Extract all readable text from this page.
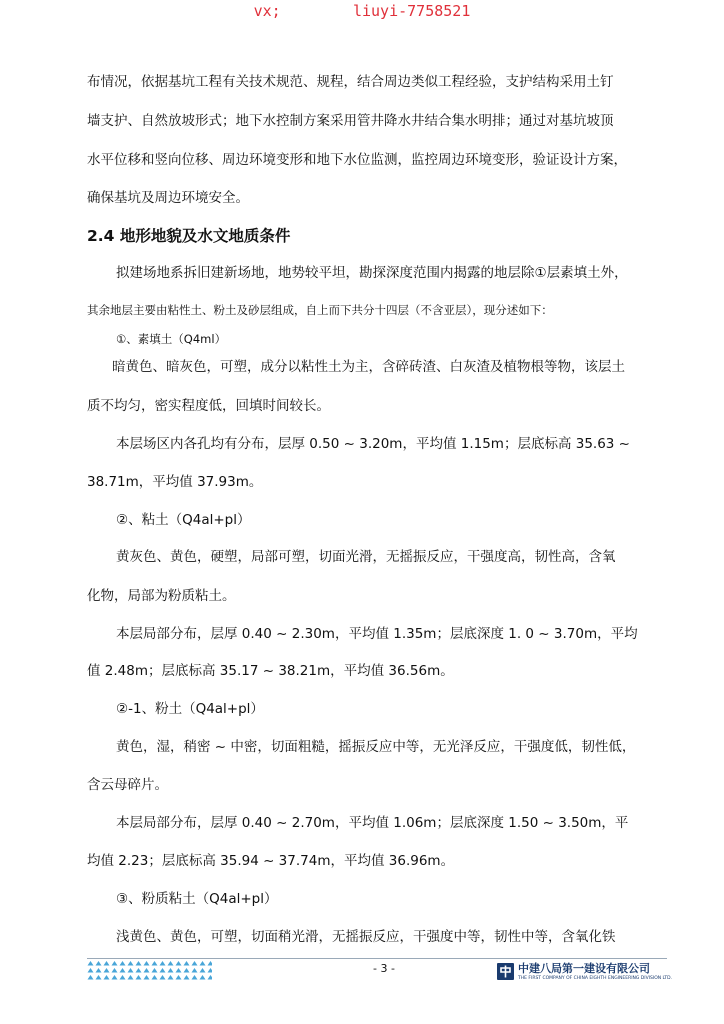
vx;        liuyi-7758521
布情况，依据基坑工程有关技术规范、规程，结合周边类似工程经验，支护结构采用土钉
墙支护、自然放坡形式；地下水控制方案采用管井降水井结合集水明排；通过对基坑坡顶
水平位移和竖向位移、周边环境变形和地下水位监测，监控周边环境变形，验证设计方案，
确保基坑及周边环境安全。
2.4 地形地貌及水文地质条件
拟建场地系拆旧建新场地，地势较平坦，勘探深度范围内揭露的地层除①层素填土外，
其余地层主要由粘性土、粉土及砂层组成，自上而下共分十四层（不含亚层），现分述如下：
①、素填土（Q4ml）
暗黄色、暗灰色，可塑，成分以粘性土为主，含碎砖渣、白灰渣及植物根等物，该层土
质不均匀，密实程度低，回填时间较长。
本层场区内各孔均有分布，层厚 0.50 ~ 3.20m，平均值 1.15m；层底标高 35.63 ~
38.71m，平均值 37.93m。
②、粘土（Q4al+pl）
黄灰色、黄色，硬塑，局部可塑，切面光滑，无摇振反应，干强度高，韧性高，含氧
化物，局部为粉质粘土。
本层局部分布，层厚 0.40 ~ 2.30m，平均值 1.35m；层底深度 1. 0 ~ 3.70m，平均
值 2.48m；层底标高 35.17 ~ 38.21m，平均值 36.56m。
②-1、粉土（Q4al+pl）
黄色，湿，稍密 ~ 中密，切面粗糙，摇振反应中等，无光泽反应，干强度低，韧性低，
含云母碎片。
本层局部分布，层厚 0.40 ~ 2.70m，平均值 1.06m；层底深度 1.50 ~ 3.50m，平
均值 2.23；层底标高 35.94 ~ 37.74m，平均值 36.96m。
③、粉质粘土（Q4al+pl）
浅黄色、黄色，可塑，切面稍光滑，无摇振反应，干强度中等，韧性中等，含氧化铁
- 3 -	中建八局第一建设有限公司
THE FIRST COMPANY OF CHINA EIGHTH ENGINEERING DIVISION LTD.
